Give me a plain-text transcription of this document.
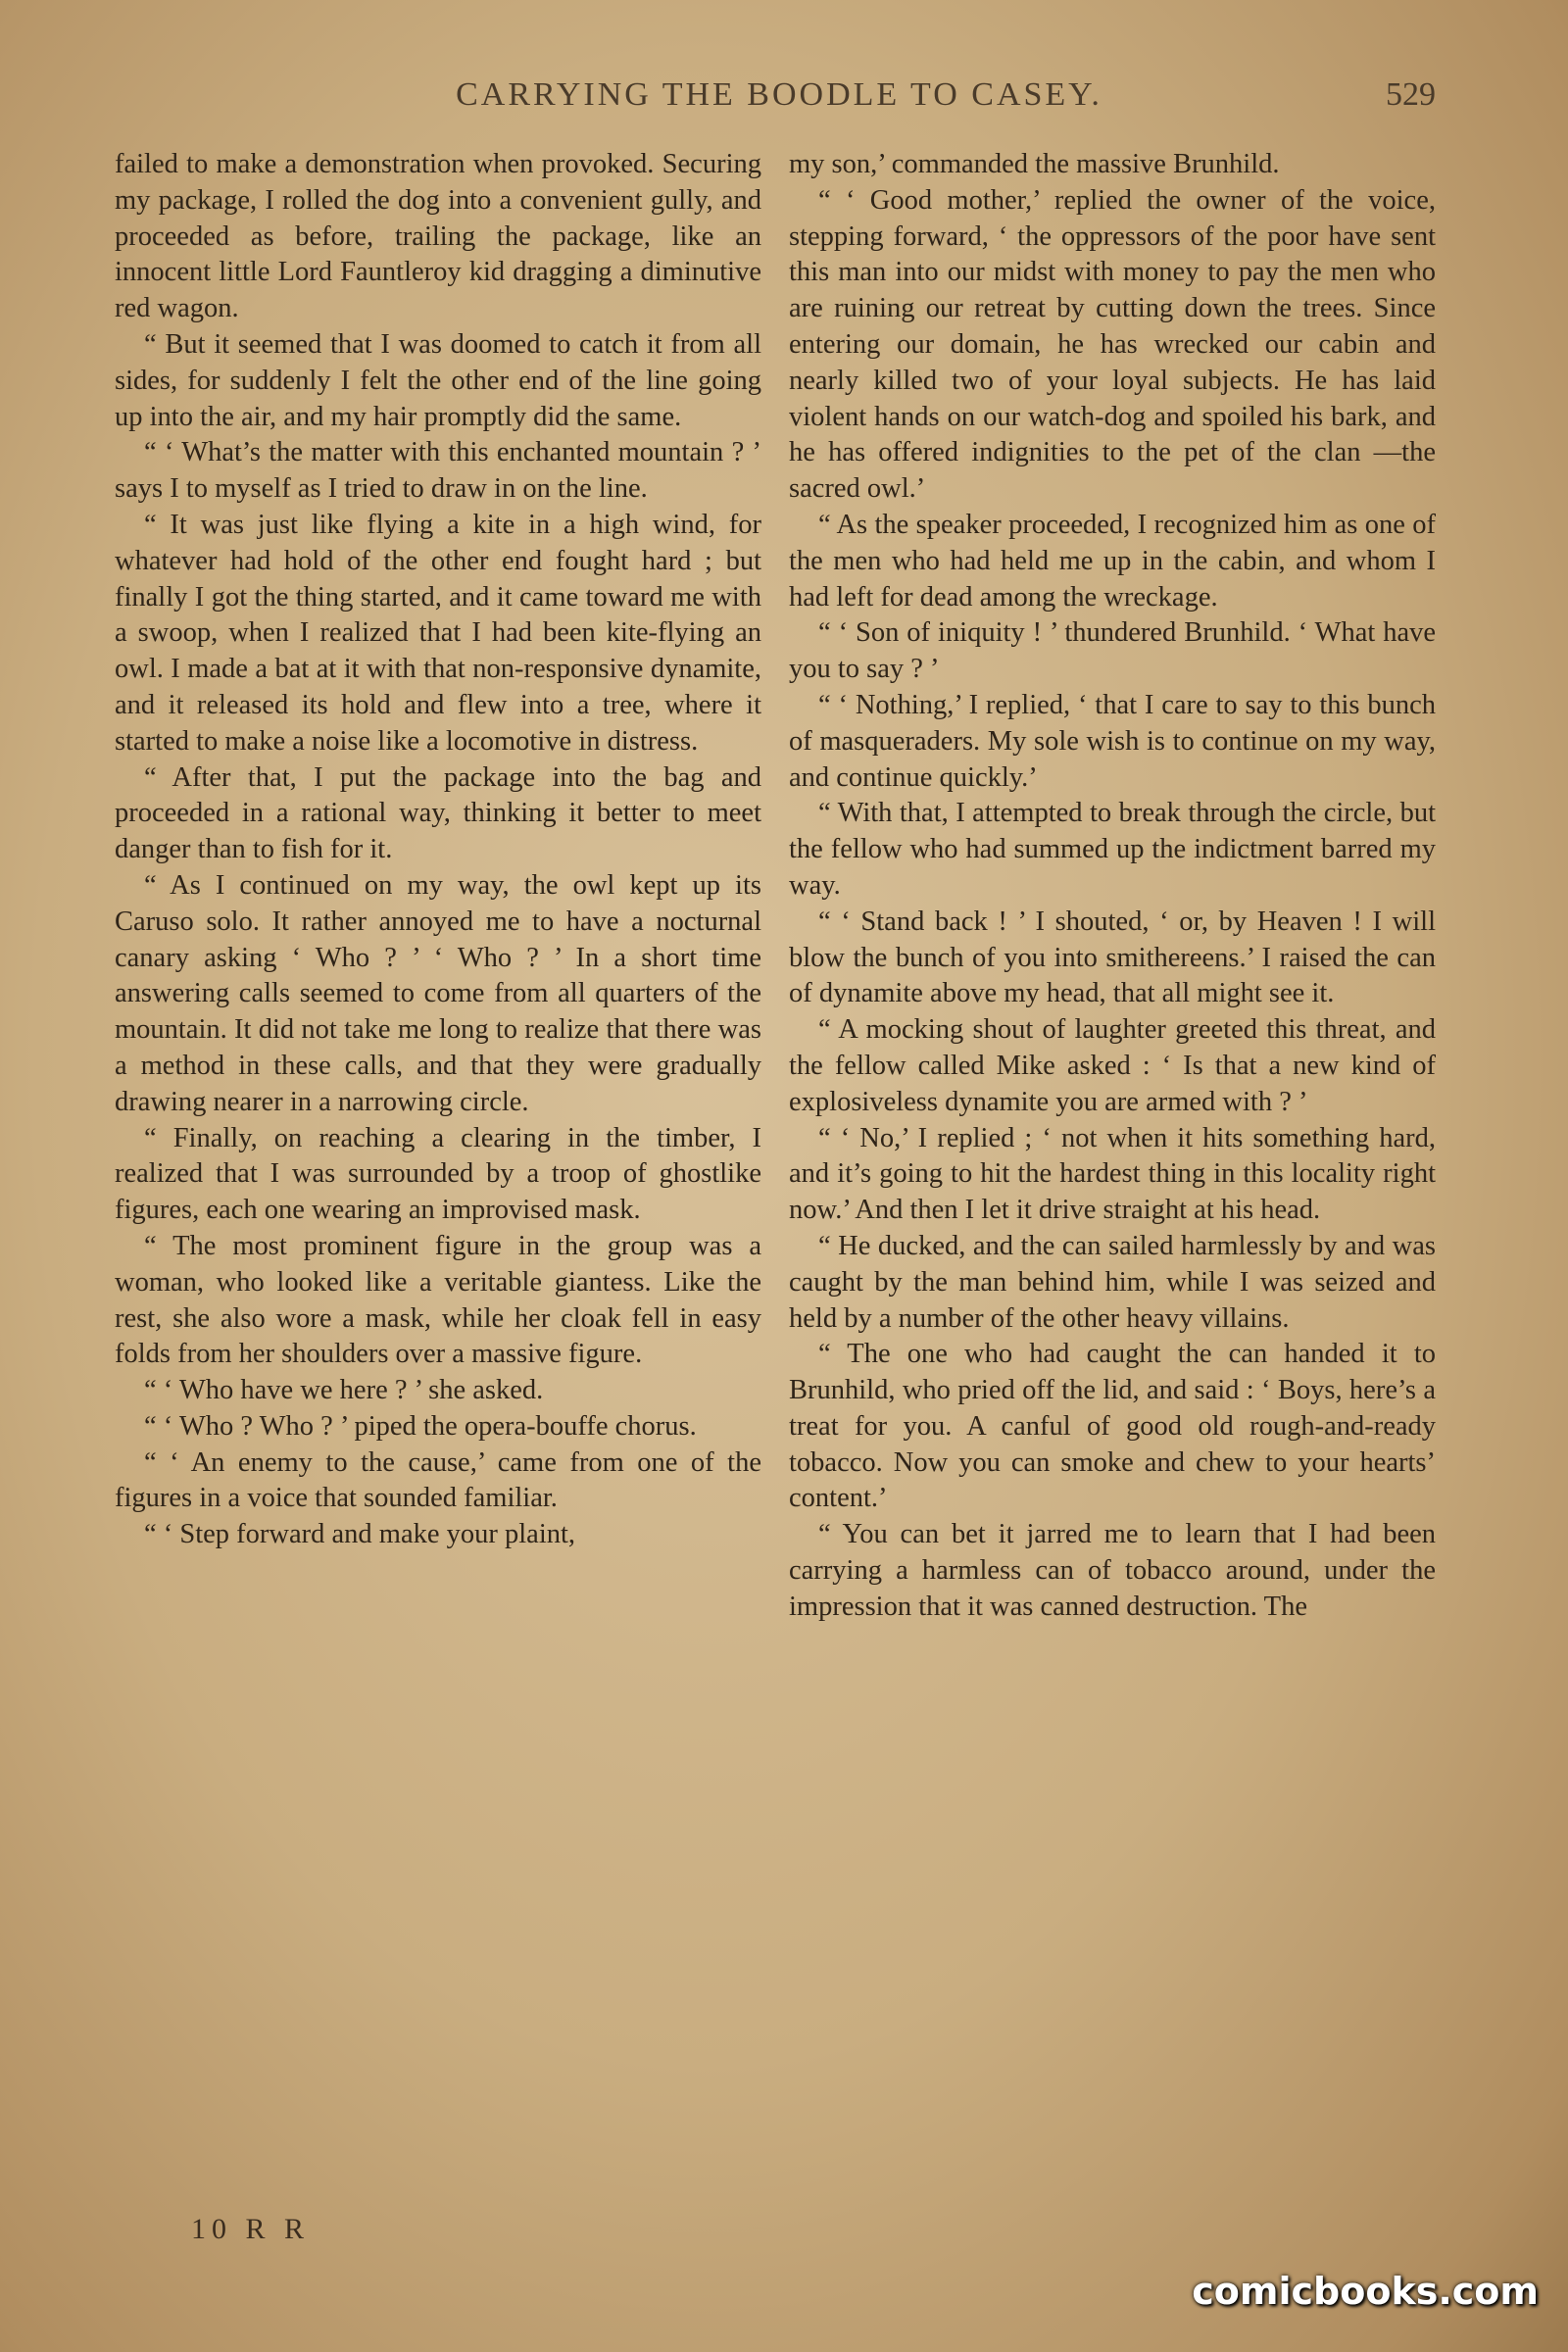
CARRYING THE BOODLE TO CASEY.	529

failed to make a demonstration when provoked. Securing my package, I rolled the dog into a convenient gully, and proceeded as before, trailing the package, like an innocent little Lord Fauntleroy kid dragging a diminutive red wagon.

“ But it seemed that I was doomed to catch it from all sides, for suddenly I felt the other end of the line going up into the air, and my hair promptly did the same.

“ ‘ What’s the matter with this enchanted mountain ? ’ says I to myself as I tried to draw in on the line.

“ It was just like flying a kite in a high wind, for whatever had hold of the other end fought hard ; but finally I got the thing started, and it came toward me with a swoop, when I realized that I had been kite-flying an owl. I made a bat at it with that non-responsive dynamite, and it released its hold and flew into a tree, where it started to make a noise like a locomotive in distress.

“ After that, I put the package into the bag and proceeded in a rational way, thinking it better to meet danger than to fish for it.

“ As I continued on my way, the owl kept up its Caruso solo. It rather annoyed me to have a nocturnal canary asking ‘ Who ? ’ ‘ Who ? ’ In a short time answering calls seemed to come from all quarters of the mountain. It did not take me long to realize that there was a method in these calls, and that they were gradually drawing nearer in a narrowing circle.

“ Finally, on reaching a clearing in the timber, I realized that I was surrounded by a troop of ghostlike figures, each one wearing an improvised mask.

“ The most prominent figure in the group was a woman, who looked like a veritable giantess. Like the rest, she also wore a mask, while her cloak fell in easy folds from her shoulders over a massive figure.

“ ‘ Who have we here ? ’ she asked.

“ ‘ Who ? Who ? ’ piped the opera-bouffe chorus.

“ ‘ An enemy to the cause,’ came from one of the figures in a voice that sounded familiar.

“ ‘ Step forward and make your plaint,

my son,’ commanded the massive Brunhild.

“ ‘ Good mother,’ replied the owner of the voice, stepping forward, ‘ the oppressors of the poor have sent this man into our midst with money to pay the men who are ruining our retreat by cutting down the trees. Since entering our domain, he has wrecked our cabin and nearly killed two of your loyal subjects. He has laid violent hands on our watch-dog and spoiled his bark, and he has offered indignities to the pet of the clan —the sacred owl.’

“ As the speaker proceeded, I recognized him as one of the men who had held me up in the cabin, and whom I had left for dead among the wreckage.

“ ‘ Son of iniquity ! ’ thundered Brunhild. ‘ What have you to say ? ’

“ ‘ Nothing,’ I replied, ‘ that I care to say to this bunch of masqueraders. My sole wish is to continue on my way, and continue quickly.’

“ With that, I attempted to break through the circle, but the fellow who had summed up the indictment barred my way.

“ ‘ Stand back ! ’ I shouted, ‘ or, by Heaven ! I will blow the bunch of you into smithereens.’ I raised the can of dynamite above my head, that all might see it.

“ A mocking shout of laughter greeted this threat, and the fellow called Mike asked : ‘ Is that a new kind of explosiveless dynamite you are armed with ? ’

“ ‘ No,’ I replied ; ‘ not when it hits something hard, and it’s going to hit the hardest thing in this locality right now.’ And then I let it drive straight at his head.

“ He ducked, and the can sailed harmlessly by and was caught by the man behind him, while I was seized and held by a number of the other heavy villains.

“ The one who had caught the can handed it to Brunhild, who pried off the lid, and said : ‘ Boys, here’s a treat for you. A canful of good old rough-and-ready tobacco. Now you can smoke and chew to your hearts’ content.’

“ You can bet it jarred me to learn that I had been carrying a harmless can of tobacco around, under the impression that it was canned destruction. The

10 R R
comicbooks.com
